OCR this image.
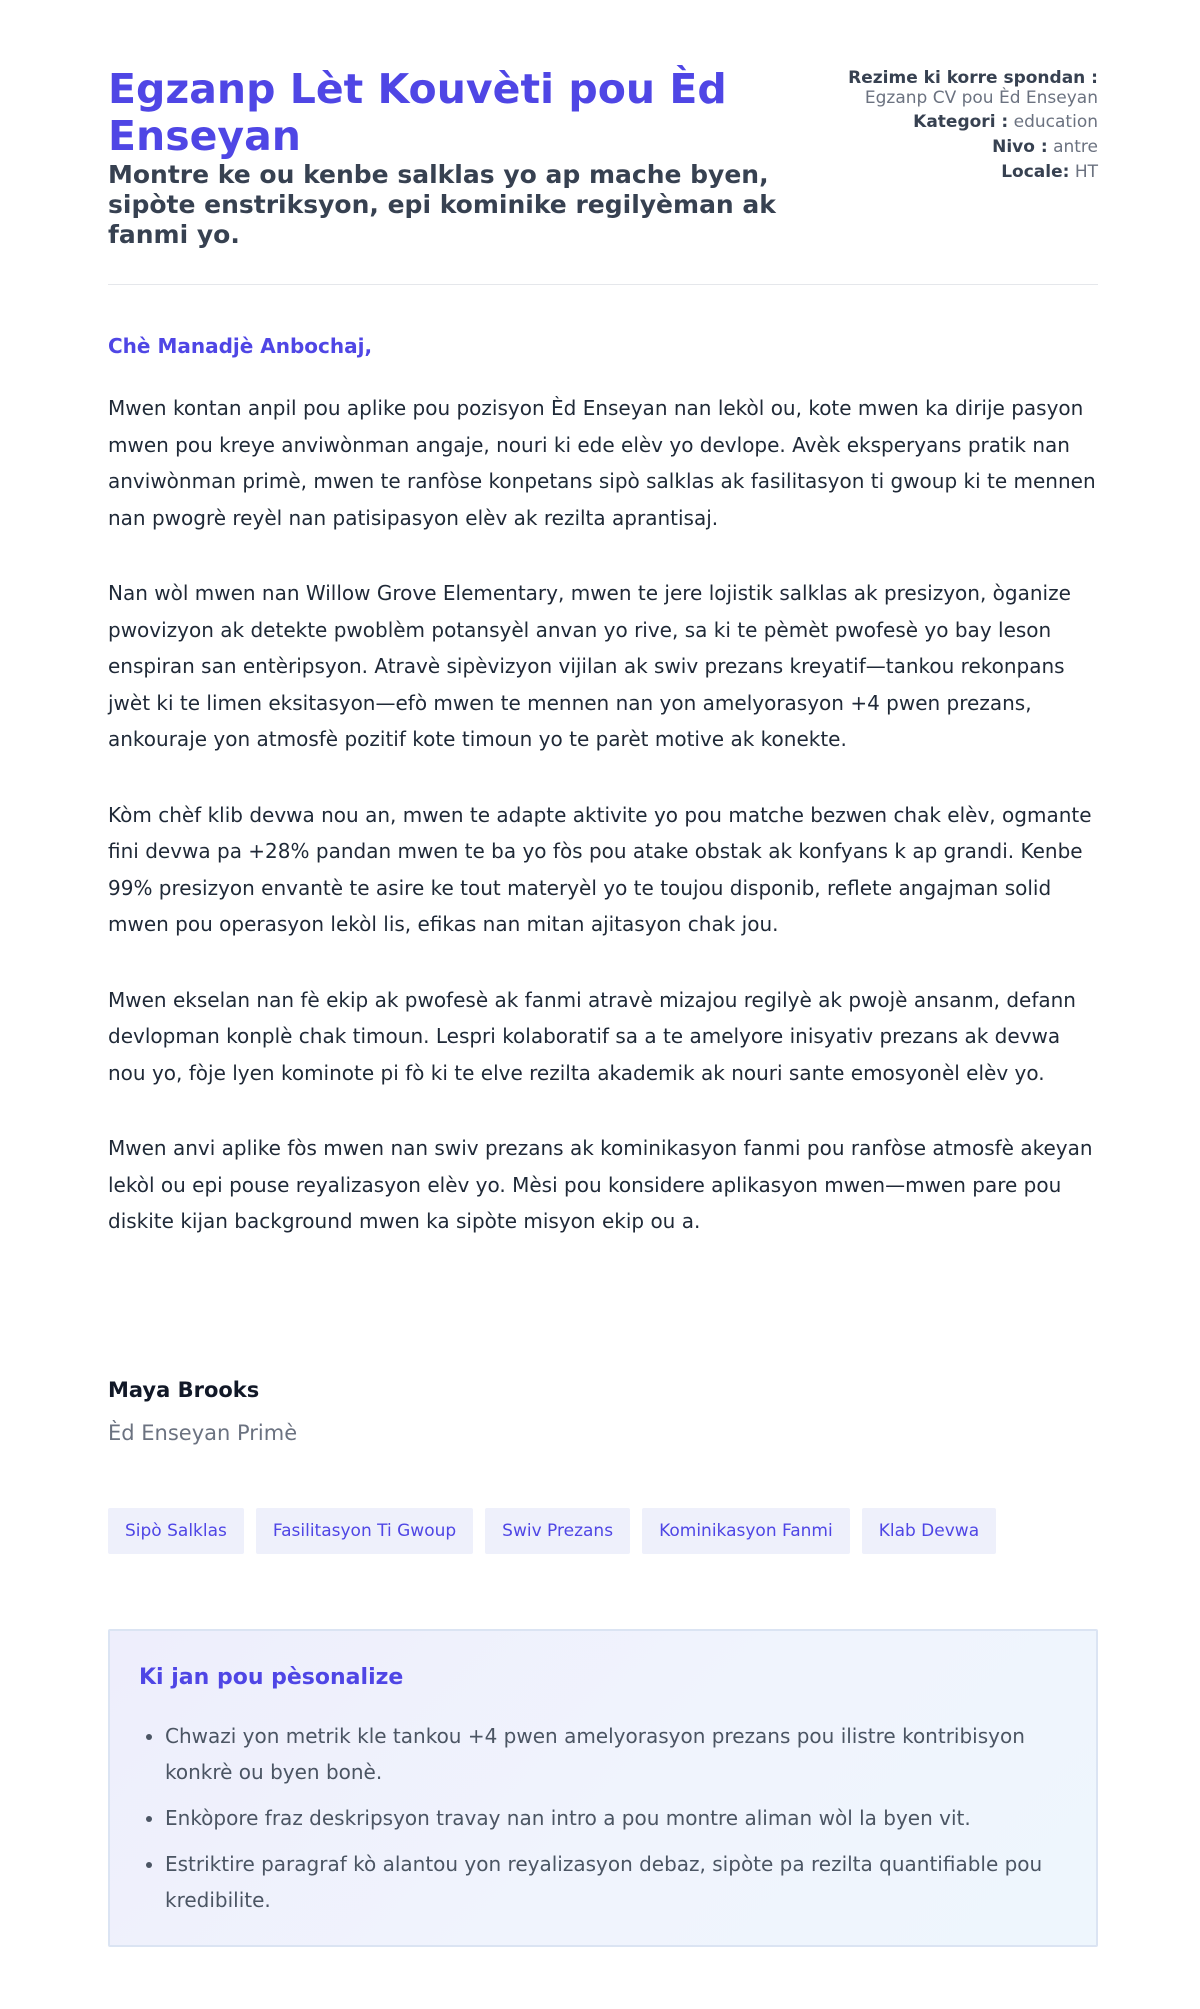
Egzanp Lèt Kouvèti pou Èd Enseyan
Montre ke ou kenbe salklas yo ap mache byen, sipòte enstriksyon, epi kominike regilyèman ak fanmi yo.
Rezime ki korre spondan : Egzanp CV pou Èd Enseyan
Kategori : education
Nivo : antre
Locale: HT

Chè Manadjè Anbochaj,

Mwen kontan anpil pou aplike pou pozisyon Èd Enseyan nan lekòl ou, kote mwen ka dirije pasyon mwen pou kreye anviwònman angaje, nouri ki ede elèv yo devlope. Avèk eksperyans pratik nan anviwònman primè, mwen te ranfòse konpetans sipò salklas ak fasilitasyon ti gwoup ki te mennen nan pwogrè reyèl nan patisipasyon elèv ak rezilta aprantisaj.

Nan wòl mwen nan Willow Grove Elementary, mwen te jere lojistik salklas ak presizyon, òganize pwovizyon ak detekte pwoblèm potansyèl anvan yo rive, sa ki te pèmèt pwofesè yo bay leson enspiran san entèripsyon. Atravè sipèvizyon vijilan ak swiv prezans kreyatif—tankou rekonpans jwèt ki te limen eksitasyon—efò mwen te mennen nan yon amelyorasyon +4 pwen prezans, ankouraje yon atmosfè pozitif kote timoun yo te parèt motive ak konekte.

Kòm chèf klib devwa nou an, mwen te adapte aktivite yo pou matche bezwen chak elèv, ogmante fini devwa pa +28% pandan mwen te ba yo fòs pou atake obstak ak konfyans k ap grandi. Kenbe 99% presizyon envantè te asire ke tout materyèl yo te toujou disponib, reflete angajman solid mwen pou operasyon lekòl lis, efikas nan mitan ajitasyon chak jou.

Mwen ekselan nan fè ekip ak pwofesè ak fanmi atravè mizajou regilyè ak pwojè ansanm, defann devlopman konplè chak timoun. Lespri kolaboratif sa a te amelyore inisyativ prezans ak devwa nou yo, fòje lyen kominote pi fò ki te elve rezilta akademik ak nouri sante emosyonèl elèv yo.

Mwen anvi aplike fòs mwen nan swiv prezans ak kominikasyon fanmi pou ranfòse atmosfè akeyan lekòl ou epi pouse reyalizasyon elèv yo. Mèsi pou konsidere aplikasyon mwen—mwen pare pou diskite kijan background mwen ka sipòte misyon ekip ou a.

Maya Brooks
Èd Enseyan Primè
Sipò Salklas	Fasilitasyon Ti Gwoup	Swiv Prezans	Kominikasyon Fanmi	Klab Devwa
Ki jan pou pèsonalize
• Chwazi yon metrik kle tankou +4 pwen amelyorasyon prezans pou ilistre kontribisyon konkrè ou byen bonè.
• Enkòpore fraz deskripsyon travay nan intro a pou montre aliman wòl la byen vit.
• Estriktire paragraf kò alantou yon reyalizasyon debaz, sipòte pa rezilta quantifiable pou kredibilite.
